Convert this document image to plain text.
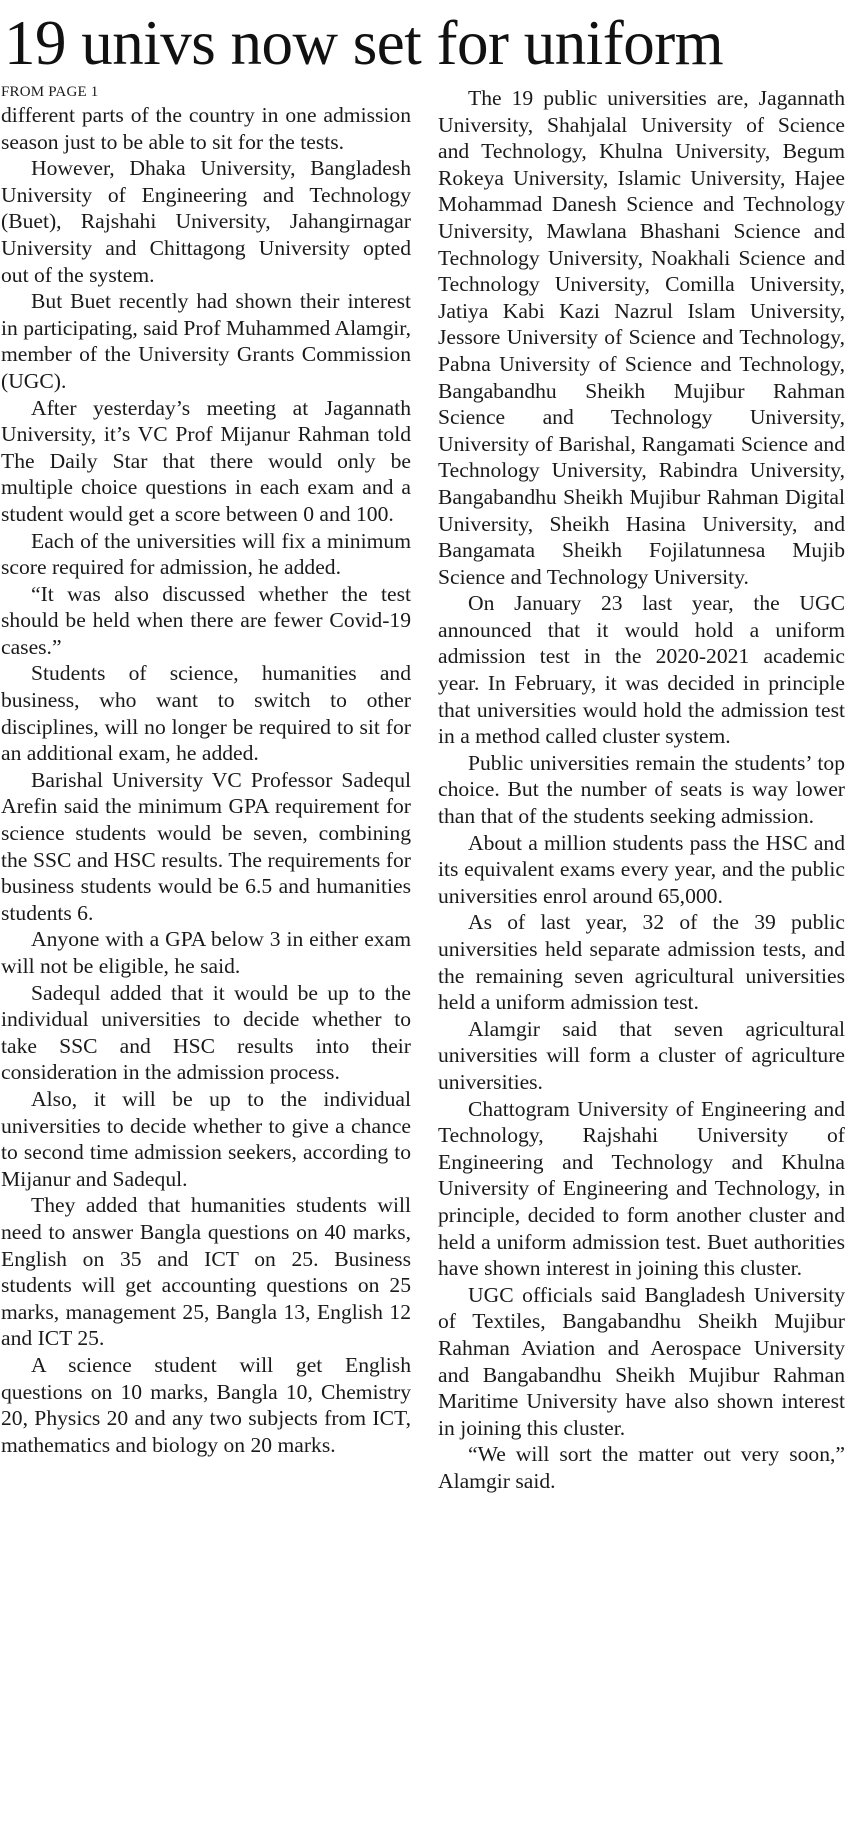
19 univs now set for uniform
FROM PAGE 1

different parts of the country in one admission season just to be able to sit for the tests.

However, Dhaka University, Bangladesh University of Engineering and Technology (Buet), Rajshahi University, Jahangirnagar University and Chittagong University opted out of the system.

But Buet recently had shown their interest in participating, said Prof Muhammed Alamgir, member of the University Grants Commission (UGC).

After yesterday’s meeting at Jagannath University, it’s VC Prof Mijanur Rahman told The Daily Star that there would only be multiple choice questions in each exam and a student would get a score between 0 and 100.

Each of the universities will fix a minimum score required for admission, he added.

“It was also discussed whether the test should be held when there are fewer Covid-19 cases.”

Students of science, humanities and business, who want to switch to other disciplines, will no longer be required to sit for an additional exam, he added.

Barishal University VC Professor Sadequl Arefin said the minimum GPA requirement for science students would be seven, combining the SSC and HSC results. The requirements for business students would be 6.5 and humanities students 6.

Anyone with a GPA below 3 in either exam will not be eligible, he said.

Sadequl added that it would be up to the individual universities to decide whether to take SSC and HSC results into their consideration in the admission process.

Also, it will be up to the individual universities to decide whether to give a chance to second time admission seekers, according to Mijanur and Sadequl.

They added that humanities students will need to answer Bangla questions on 40 marks, English on 35 and ICT on 25. Business students will get accounting questions on 25 marks, management 25, Bangla 13, English 12 and ICT 25.

A science student will get English questions on 10 marks, Bangla 10, Chemistry 20, Physics 20 and any two subjects from ICT, mathematics and biology on 20 marks.

The 19 public universities are, Jagannath University, Shahjalal University of Science and Technology, Khulna University, Begum Rokeya University, Islamic University, Hajee Mohammad Danesh Science and Technology University, Mawlana Bhashani Science and Technology University, Noakhali Science and Technology University, Comilla University, Jatiya Kabi Kazi Nazrul Islam University, Jessore University of Science and Technology, Pabna University of Science and Technology, Bangabandhu Sheikh Mujibur Rahman Science and Technology University, University of Barishal, Rangamati Science and Technology University, Rabindra University, Bangabandhu Sheikh Mujibur Rahman Digital University, Sheikh Hasina University, and Bangamata Sheikh Fojilatunnesa Mujib Science and Technology University.

On January 23 last year, the UGC announced that it would hold a uniform admission test in the 2020-2021 academic year. In February, it was decided in principle that universities would hold the admission test in a method called cluster system.

Public universities remain the students’ top choice. But the number of seats is way lower than that of the students seeking admission.

About a million students pass the HSC and its equivalent exams every year, and the public universities enrol around 65,000.

As of last year, 32 of the 39 public universities held separate admission tests, and the remaining seven agricultural universities held a uniform admission test.

Alamgir said that seven agricultural universities will form a cluster of agriculture universities.

Chattogram University of Engineering and Technology, Rajshahi University of Engineering and Technology and Khulna University of Engineering and Technology, in principle, decided to form another cluster and held a uniform admission test. Buet authorities have shown interest in joining this cluster.

UGC officials said Bangladesh University of Textiles, Bangabandhu Sheikh Mujibur Rahman Aviation and Aerospace University and Bangabandhu Sheikh Mujibur Rahman Maritime University have also shown interest in joining this cluster.

“We will sort the matter out very soon,” Alamgir said.
